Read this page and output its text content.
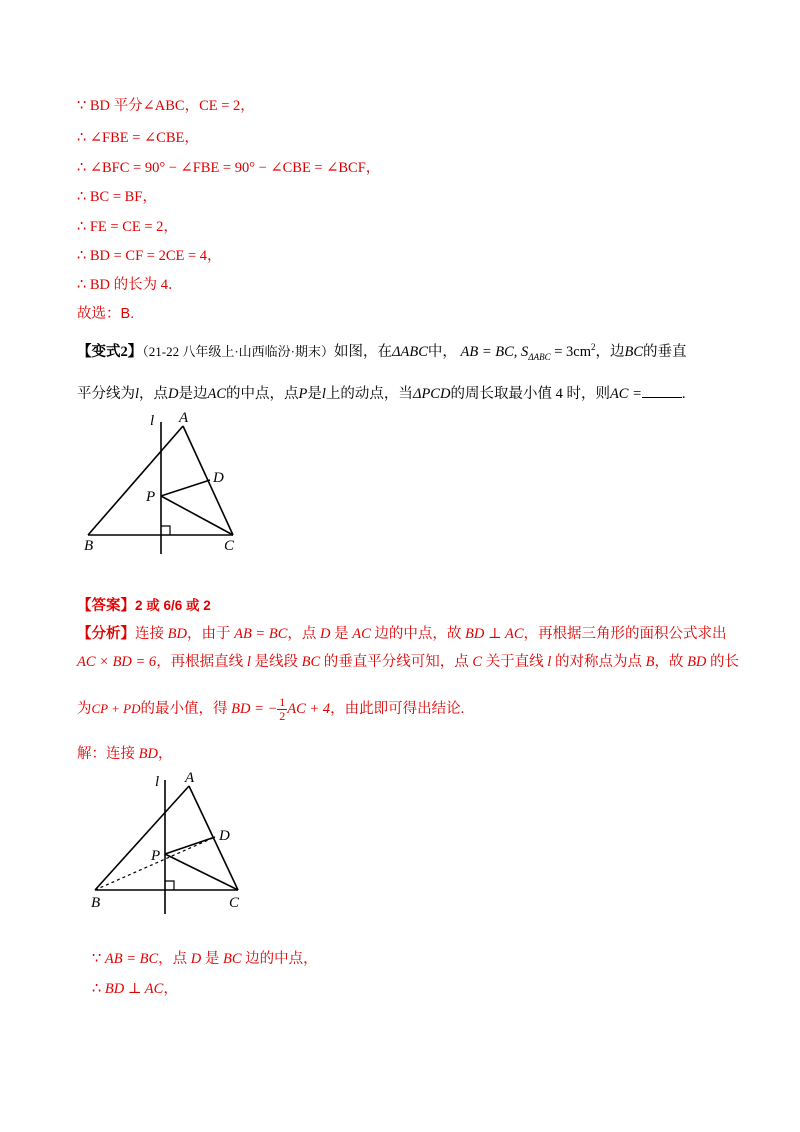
∵ BD 平分∠ABC，CE = 2，
∴ ∠FBE = ∠CBE，
∴ ∠BFC = 90° − ∠FBE = 90° − ∠CBE = ∠BCF，
∴ BC = BF，
∴ FE = CE = 2，
∴ BD = CF = 2CE = 4，
∴ BD 的长为 4．
故选：B.
【变式2】（21-22 八年级上·山西临汾·期末）如图，在ΔABC中， AB = BC, $S_{\Delta ABC} = 3cm^2$，边BC的垂直
平分线为l，点D是边AC的中点，点P是l上的动点，当ΔPCD的周长取最小值 4 时，则AC =	.
l A
D
P
B	C
【答案】2 或 6/6 或 2
【分析】连接 BD，由于 AB = BC，点 D 是 AC 边的中点，故 BD ⊥ AC，再根据三角形的面积公式求出
AC × BD = 6，再根据直线 l 是线段 BC 的垂直平分线可知，点 C 关于直线 l 的对称点为点 B，故 BD 的长
为CP + PD的最小值，得 BD = − $\frac{1}{2}$ AC + 4，由此即可得出结论.
解：连接 BD，
l A
D
P
B	C
∵ AB = BC，点 D 是 BC 边的中点，
∴ BD ⊥ AC，
